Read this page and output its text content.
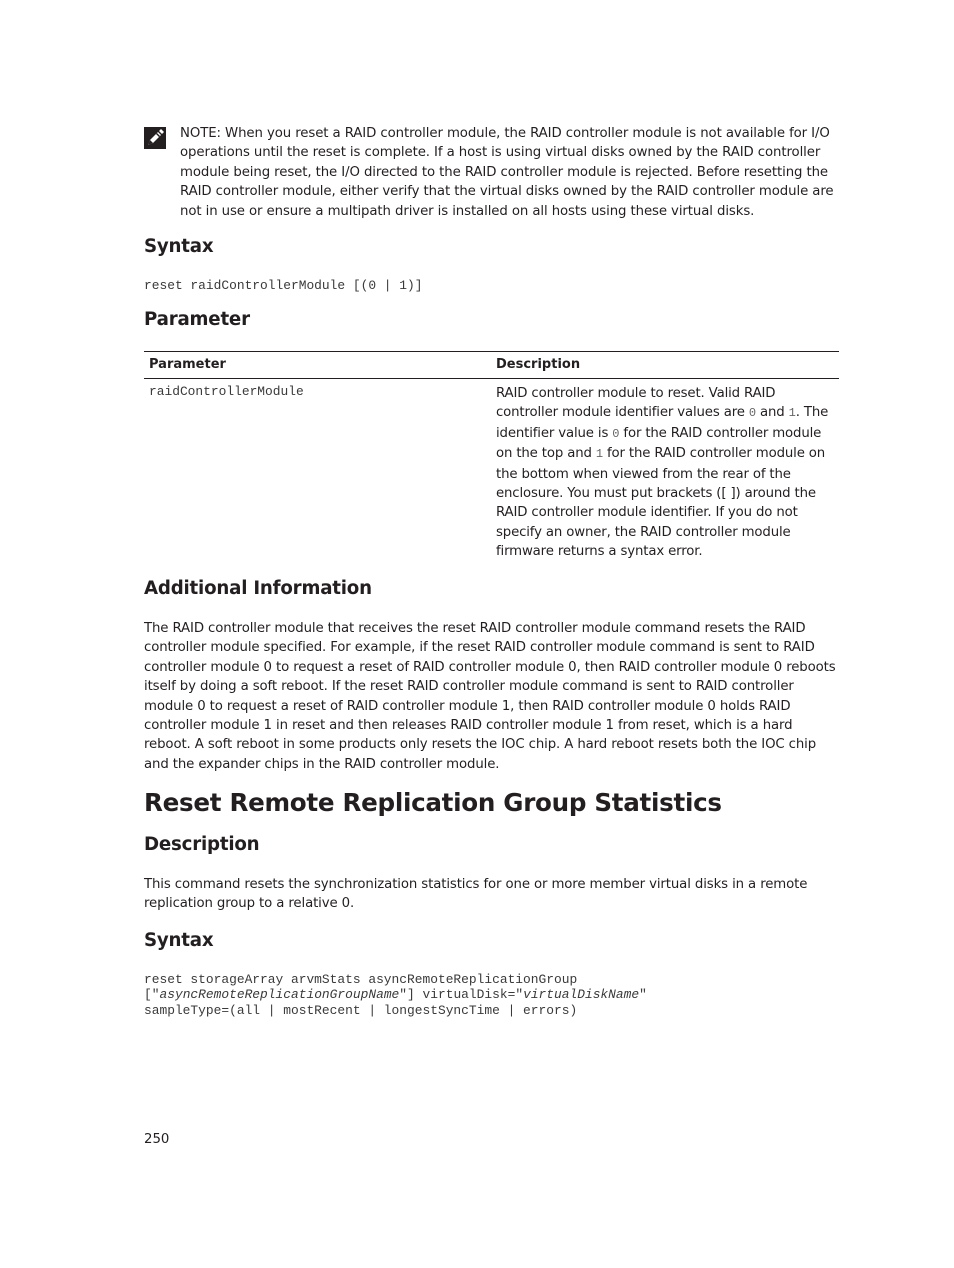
NOTE: When you reset a RAID controller module, the RAID controller module is not available for I/O operations until the reset is complete. If a host is using virtual disks owned by the RAID controller module being reset, the I/O directed to the RAID controller module is rejected. Before resetting the RAID controller module, either verify that the virtual disks owned by the RAID controller module are not in use or ensure a multipath driver is installed on all hosts using these virtual disks.
Syntax
reset raidControllerModule [(0 | 1)]
Parameter
Parameter	Description
raidControllerModule	RAID controller module to reset. Valid RAID controller module identifier values are 0 and 1. The identifier value is 0 for the RAID controller module on the top and 1 for the RAID controller module on the bottom when viewed from the rear of the enclosure. You must put brackets ([ ]) around the RAID controller module identifier. If you do not specify an owner, the RAID controller module firmware returns a syntax error.
Additional Information

The RAID controller module that receives the reset RAID controller module command resets the RAID controller module specified. For example, if the reset RAID controller module command is sent to RAID controller module 0 to request a reset of RAID controller module 0, then RAID controller module 0 reboots itself by doing a soft reboot. If the reset RAID controller module command is sent to RAID controller module 0 to request a reset of RAID controller module 1, then RAID controller module 0 holds RAID controller module 1 in reset and then releases RAID controller module 1 from reset, which is a hard reboot. A soft reboot in some products only resets the IOC chip. A hard reboot resets both the IOC chip and the expander chips in the RAID controller module.

Reset Remote Replication Group Statistics
Description

This command resets the synchronization statistics for one or more member virtual disks in a remote replication group to a relative 0.

Syntax
reset storageArray arvmStats asyncRemoteReplicationGroup
["asyncRemoteReplicationGroupName"] virtualDisk="virtualDiskName"
sampleType=(all | mostRecent | longestSyncTime | errors)
250
